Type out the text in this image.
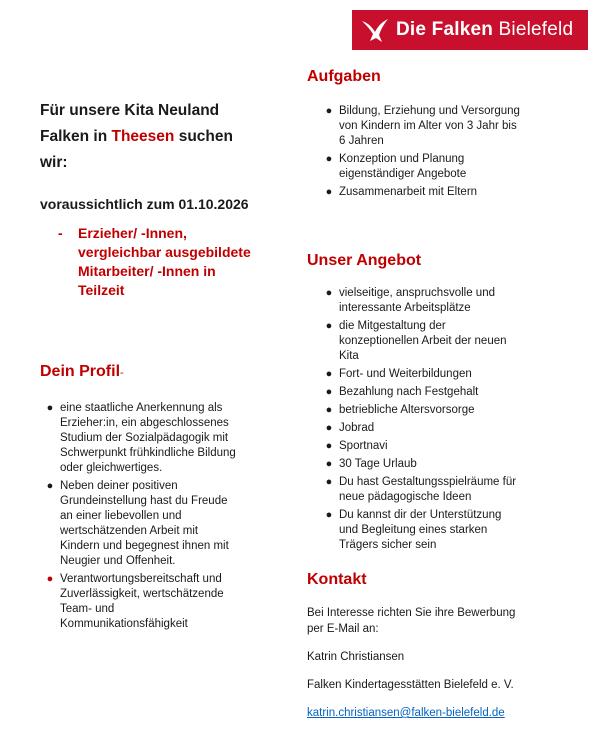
Die Falken Bielefeld

Für unsere Kita Neuland
Falken in Theesen suchen
wir:

voraussichtlich zum 01.10.2026

-	Erzieher/ -Innen,
vergleichbar ausgebildete
Mitarbeiter/ -Innen in
Teilzeit

Dein Profil-

● eine staatliche Anerkennung als
Erzieher:in, ein abgeschlossenes
Studium der Sozialpädagogik mit
Schwerpunkt frühkindliche Bildung
oder gleichwertiges.
● Neben deiner positiven
Grundeinstellung hast du Freude
an einer liebevollen und
wertschätzenden Arbeit mit
Kindern und begegnest ihnen mit
Neugier und Offenheit.
● Verantwortungsbereitschaft und
Zuverlässigkeit, wertschätzende
Team- und
Kommunikationsfähigkeit

Aufgaben

● Bildung, Erziehung und Versorgung
von Kindern im Alter von 3 Jahr bis
6 Jahren
● Konzeption und Planung
eigenständiger Angebote
● Zusammenarbeit mit Eltern

Unser Angebot

● vielseitige, anspruchsvolle und
interessante Arbeitsplätze
● die Mitgestaltung der
konzeptionellen Arbeit der neuen
Kita
● Fort- und Weiterbildungen
● Bezahlung nach Festgehalt
● betriebliche Altersvorsorge
● Jobrad
● Sportnavi
● 30 Tage Urlaub
● Du hast Gestaltungsspielräume für
neue pädagogische Ideen
● Du kannst dir der Unterstützung
und Begleitung eines starken
Trägers sicher sein

Kontakt

Bei Interesse richten Sie ihre Bewerbung
per E-Mail an:

Katrin Christiansen

Falken Kindertagesstätten Bielefeld e. V.

katrin.christiansen@falken-bielefeld.de
